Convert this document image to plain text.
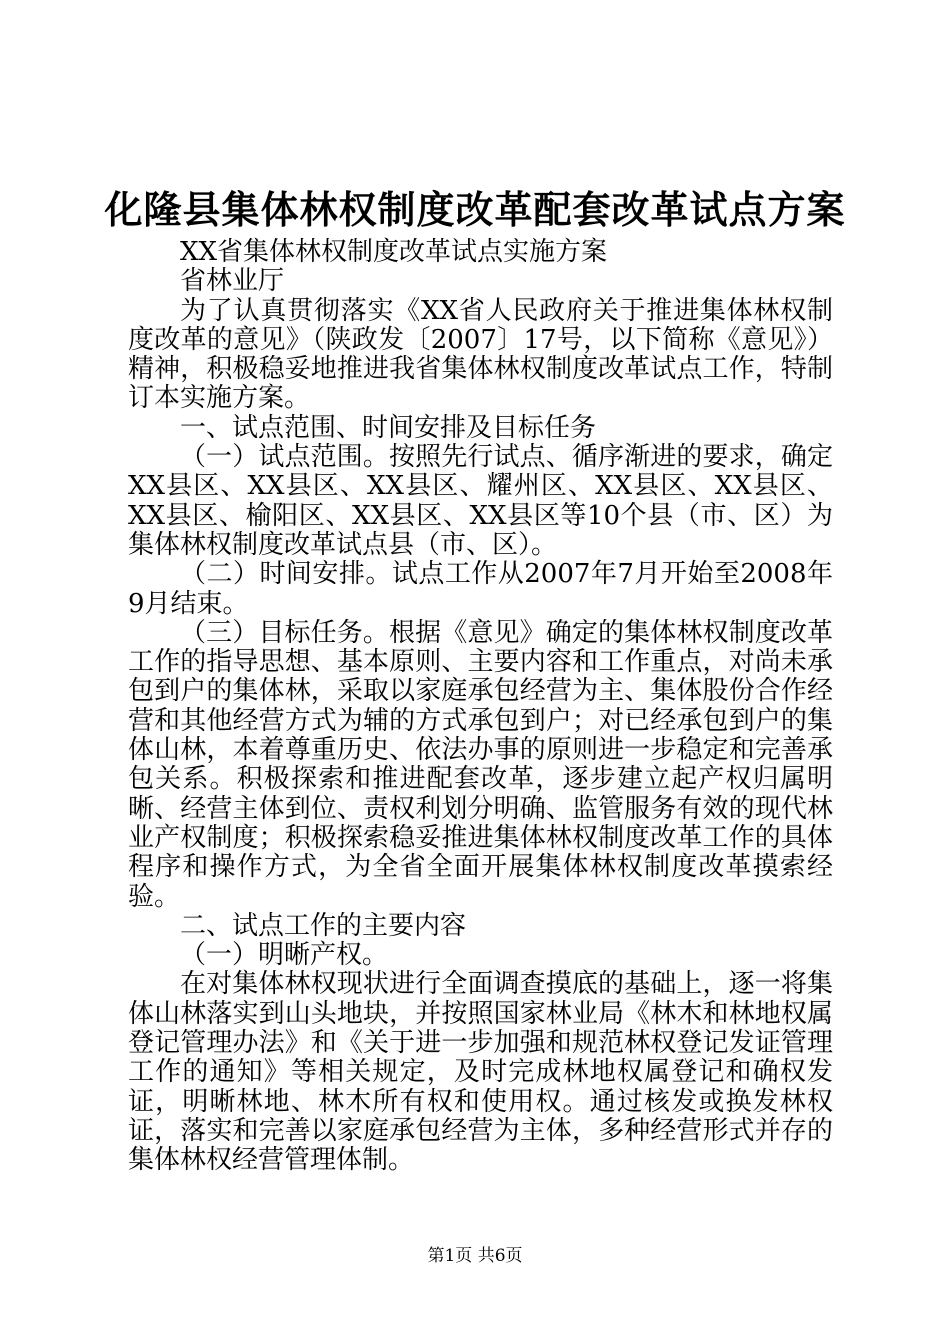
化隆县集体林权制度改革配套改革试点方案

XX省集体林权制度改革试点实施方案

省林业厅

为了认真贯彻落实《XX省人民政府关于推进集体林权制度改革的意见》（陕政发〔2007〕17号，以下简称《意见》）精神，积极稳妥地推进我省集体林权制度改革试点工作，特制订本实施方案。

一、试点范围、时间安排及目标任务

（一）试点范围。按照先行试点、循序渐进的要求，确定XX县区、XX县区、XX县区、耀州区、XX县区、XX县区、XX县区、榆阳区、XX县区、XX县区等10个县（市、区）为集体林权制度改革试点县（市、区）。

（二）时间安排。试点工作从2007年7月开始至2008年9月结束。

（三）目标任务。根据《意见》确定的集体林权制度改革工作的指导思想、基本原则、主要内容和工作重点，对尚未承包到户的集体林，采取以家庭承包经营为主、集体股份合作经营和其他经营方式为辅的方式承包到户；对已经承包到户的集体山林，本着尊重历史、依法办事的原则进一步稳定和完善承包关系。积极探索和推进配套改革，逐步建立起产权归属明晰、经营主体到位、责权利划分明确、监管服务有效的现代林业产权制度；积极探索稳妥推进集体林权制度改革工作的具体程序和操作方式，为全省全面开展集体林权制度改革摸索经验。

二、试点工作的主要内容

（一）明晰产权。

在对集体林权现状进行全面调查摸底的基础上，逐一将集体山林落实到山头地块，并按照国家林业局《林木和林地权属登记管理办法》和《关于进一步加强和规范林权登记发证管理工作的通知》等相关规定，及时完成林地权属登记和确权发证，明晰林地、林木所有权和使用权。通过核发或换发林权证，落实和完善以家庭承包经营为主体，多种经营形式并存的集体林权经营管理体制。

第1页 共6页
